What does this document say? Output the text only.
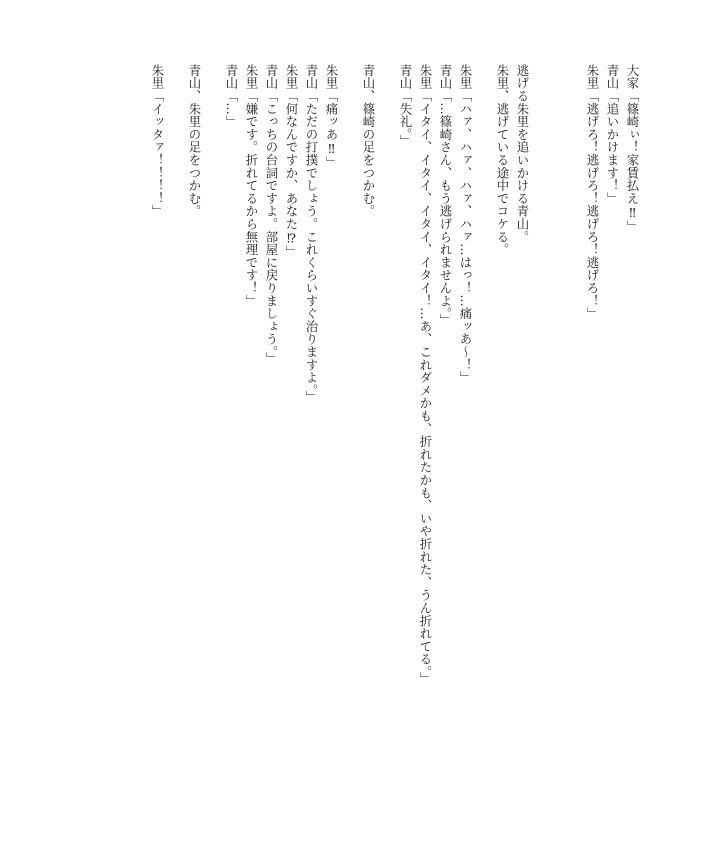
大家「篠崎ぃ！家賃払え‼」
青山「追いかけます！」
朱里「逃げろ！逃げろ！逃げろ！逃げろ！」
逃げる朱里を追いかける青山。
朱里、逃げている途中でコケる。
朱里「ハァ、ハァ、ハァ、ハァ…はっ！…痛ッあ〜！」
青山「…篠崎さん、もう逃げられませんよ。」
朱里「イタイ、イタイ、イタイ、イタイ！…あ、これダメかも、折れたかも、いや折れた、うん折れてる。」
青山「失礼。」
青山、篠崎の足をつかむ。
朱里「痛ッあ‼」
青山「ただの打撲でしょう。これくらいすぐ治りますよ。」
朱里「何なんですか、あなた⁉」
青山「こっちの台詞ですよ。部屋に戻りましょう。」
朱里「嫌です。折れてるから無理です！」
青山「…」
青山、朱里の足をつかむ。
朱里「イッタァ！！！！」
